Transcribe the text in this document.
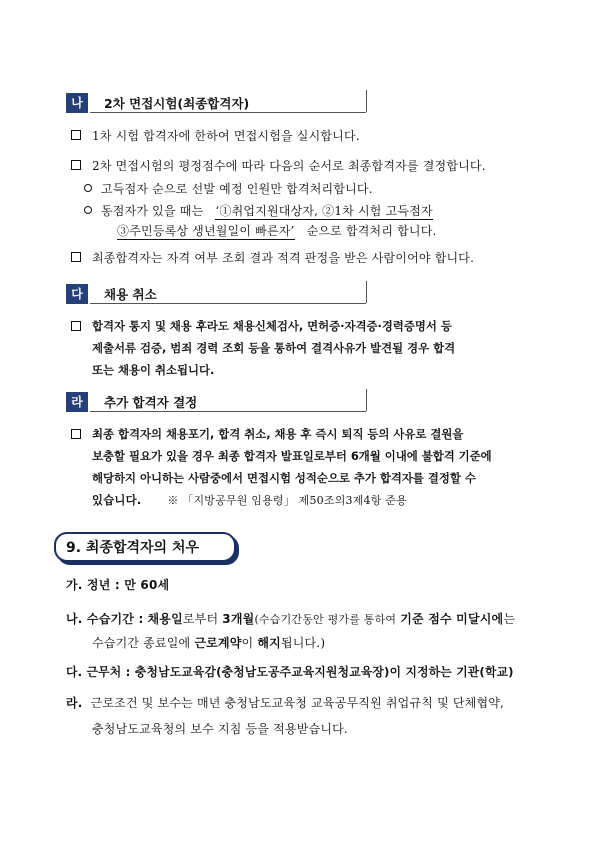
나	2차 면접시험(최종합격자)
1차 시험 합격자에 한하여 면접시험을 실시합니다.
2차 면접시험의 평정점수에 따라 다음의 순서로 최종합격자를 결정합니다.
고득점자 순으로 선발 예정 인원만 합격처리합니다.
동점자가 있을 때는 ‘①취업지원대상자, ②1차 시험 고득점자
③주민등록상 생년월일이 빠른자’ 순으로 합격처리 합니다.
최종합격자는 자격 여부 조회 결과 적격 판정을 받은 사람이어야 합니다.
다	채용 취소
합격자 통지 및 채용 후라도 채용신체검사, 면허증·자격증·경력증명서 등
제출서류 검증, 범죄 경력 조회 등을 통하여 결격사유가 발견될 경우 합격
또는 채용이 취소됩니다.
라	추가 합격자 결정
최종 합격자의 채용포기, 합격 취소, 채용 후 즉시 퇴직 등의 사유로 결원을
보충할 필요가 있을 경우 최종 합격자 발표일로부터 6개월 이내에 불합격 기준에
해당하지 아니하는 사람중에서 면접시험 성적순으로 추가 합격자를 결정할 수
있습니다. ※ 「지방공무원 임용령」 제50조의3제4항 준용
9. 최종합격자의 처우
가. 정년 : 만 60세
나. 수습기간 : 채용일로부터 3개월(수습기간동안 평가를 통하여 기준 점수 미달시에는
수습기간 종료일에 근로계약이 해지됩니다.)
다. 근무처 : 충청남도교육감(충청남도공주교육지원청교육장)이 지정하는 기관(학교)
라. 근로조건 및 보수는 매년 충청남도교육청 교육공무직원 취업규칙 및 단체협약,
충청남도교육청의 보수 지침 등을 적용받습니다.
